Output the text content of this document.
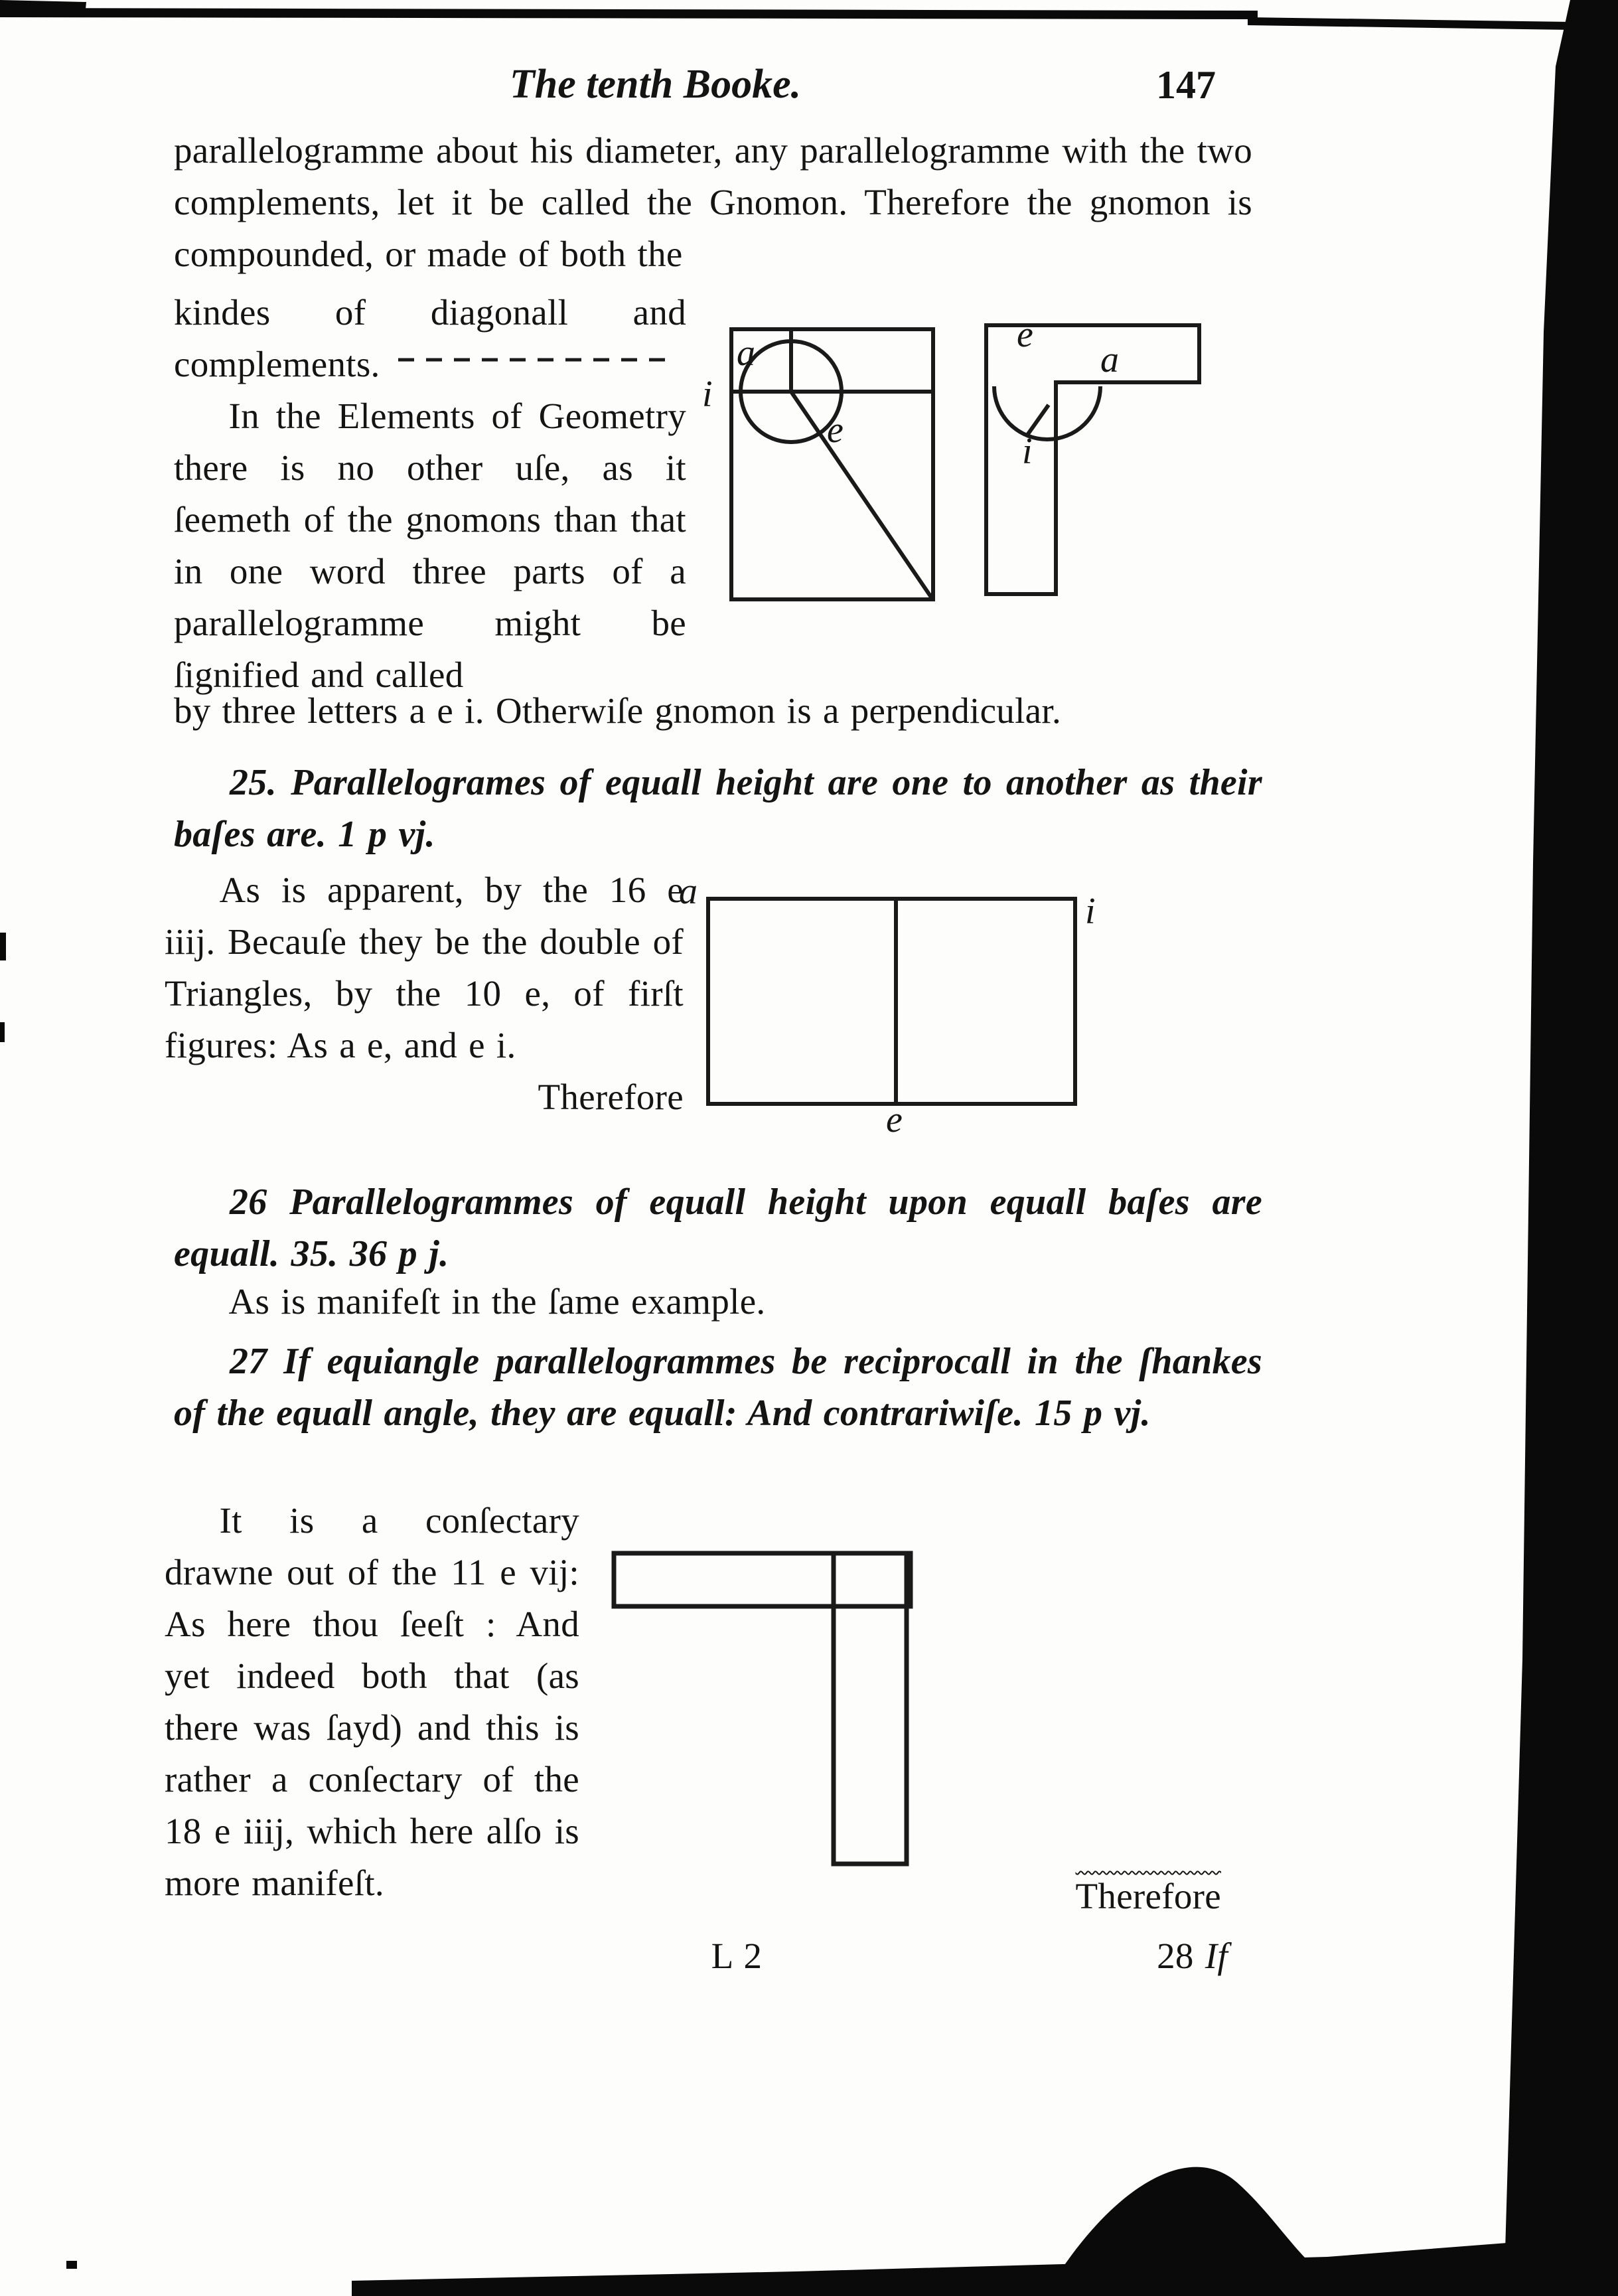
The tenth Booke.	147
parallelogramme about his diameter, any parallelogramme with the two complements, let it be called the Gnomon. Therefore the gnomon is compounded, or made of both the

kindes of diagonall and complements.

In the Elements of Geometry there is no other uſe, as it ſeemeth of the gnomons than that in one word three parts of a parallelogramme might be ſignified and called

a
i
e
e
a
i
by three letters a e i. Otherwiſe gnomon is a perpendicular.
25. Parallelogrames of equall height are one to another as their baſes are. 1 p vj.

As is apparent, by the 16 e iiij. Becauſe they be the double of Triangles, by the 10 e, of firſt figures: As a e, and e i.

Therefore

a	i
e
26 Parallelogrammes of equall height upon equall baſes are equall. 35. 36 p j.
As is manifeſt in the ſame example.
27 If equiangle parallelogrammes be reciprocall in the ſhankes of the equall angle, they are equall: And contrariwiſe. 15 p vj.
It is a conſectary drawne out of the 11 e vij: As here thou ſeeſt : And yet indeed both that (as there was ſayd) and this is rather a conſectary of the 18 e iiij, which here alſo is more manifeſt.	Therefore
L 2	28 If
